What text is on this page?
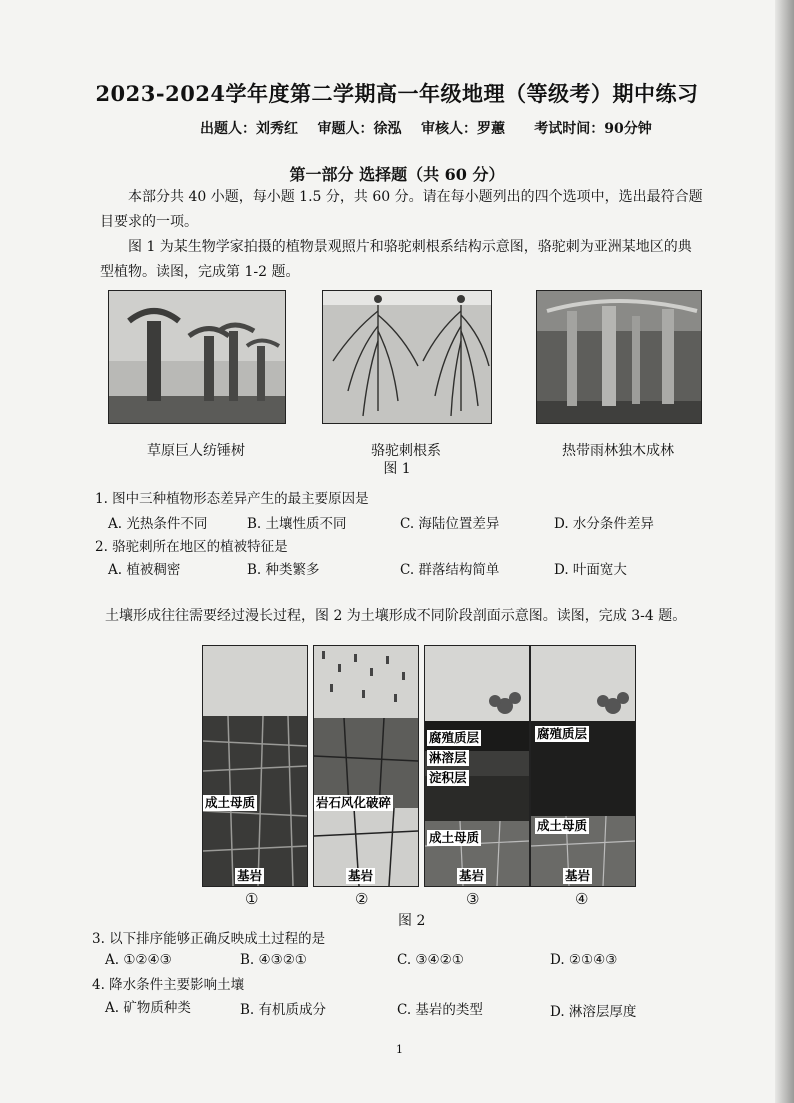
2023-2024学年度第二学期高一年级地理（等级考）期中练习
出题人：刘秀红    审题人：徐泓    审核人：罗蕙      考试时间：90分钟
第一部分 选择题（共 60 分）
本部分共 40 小题，每小题 1.5 分，共 60 分。请在每小题列出的四个选项中，选出最符合题
目要求的一项。
图 1 为某生物学家拍摄的植物景观照片和骆驼刺根系结构示意图，骆驼刺为亚洲某地区的典
型植物。读图，完成第 1-2 题。
草原巨人纺锤树	骆驼刺根系	热带雨林独木成林
图 1
1. 图中三种植物形态差异产生的最主要原因是
A. 光热条件不同	B. 土壤性质不同	C. 海陆位置差异	D. 水分条件差异
2. 骆驼刺所在地区的植被特征是
A. 植被稠密	B. 种类繁多	C. 群落结构简单	D. 叶面宽大
土壤形成往往需要经过漫长过程，图 2 为土壤形成不同阶段剖面示意图。读图，完成 3-4 题。
成土母质
基岩
岩石风化破碎
基岩
腐殖质层
淋溶层
淀积层
成土母质
基岩
腐殖质层
成土母质
基岩
①	②	③	④
图 2
3. 以下排序能够正确反映成土过程的是
A. ①②④③	B. ④③②①	C. ③④②①	D. ②①④③
4. 降水条件主要影响土壤
A. 矿物质种类	B. 有机质成分	C. 基岩的类型	D. 淋溶层厚度
1
